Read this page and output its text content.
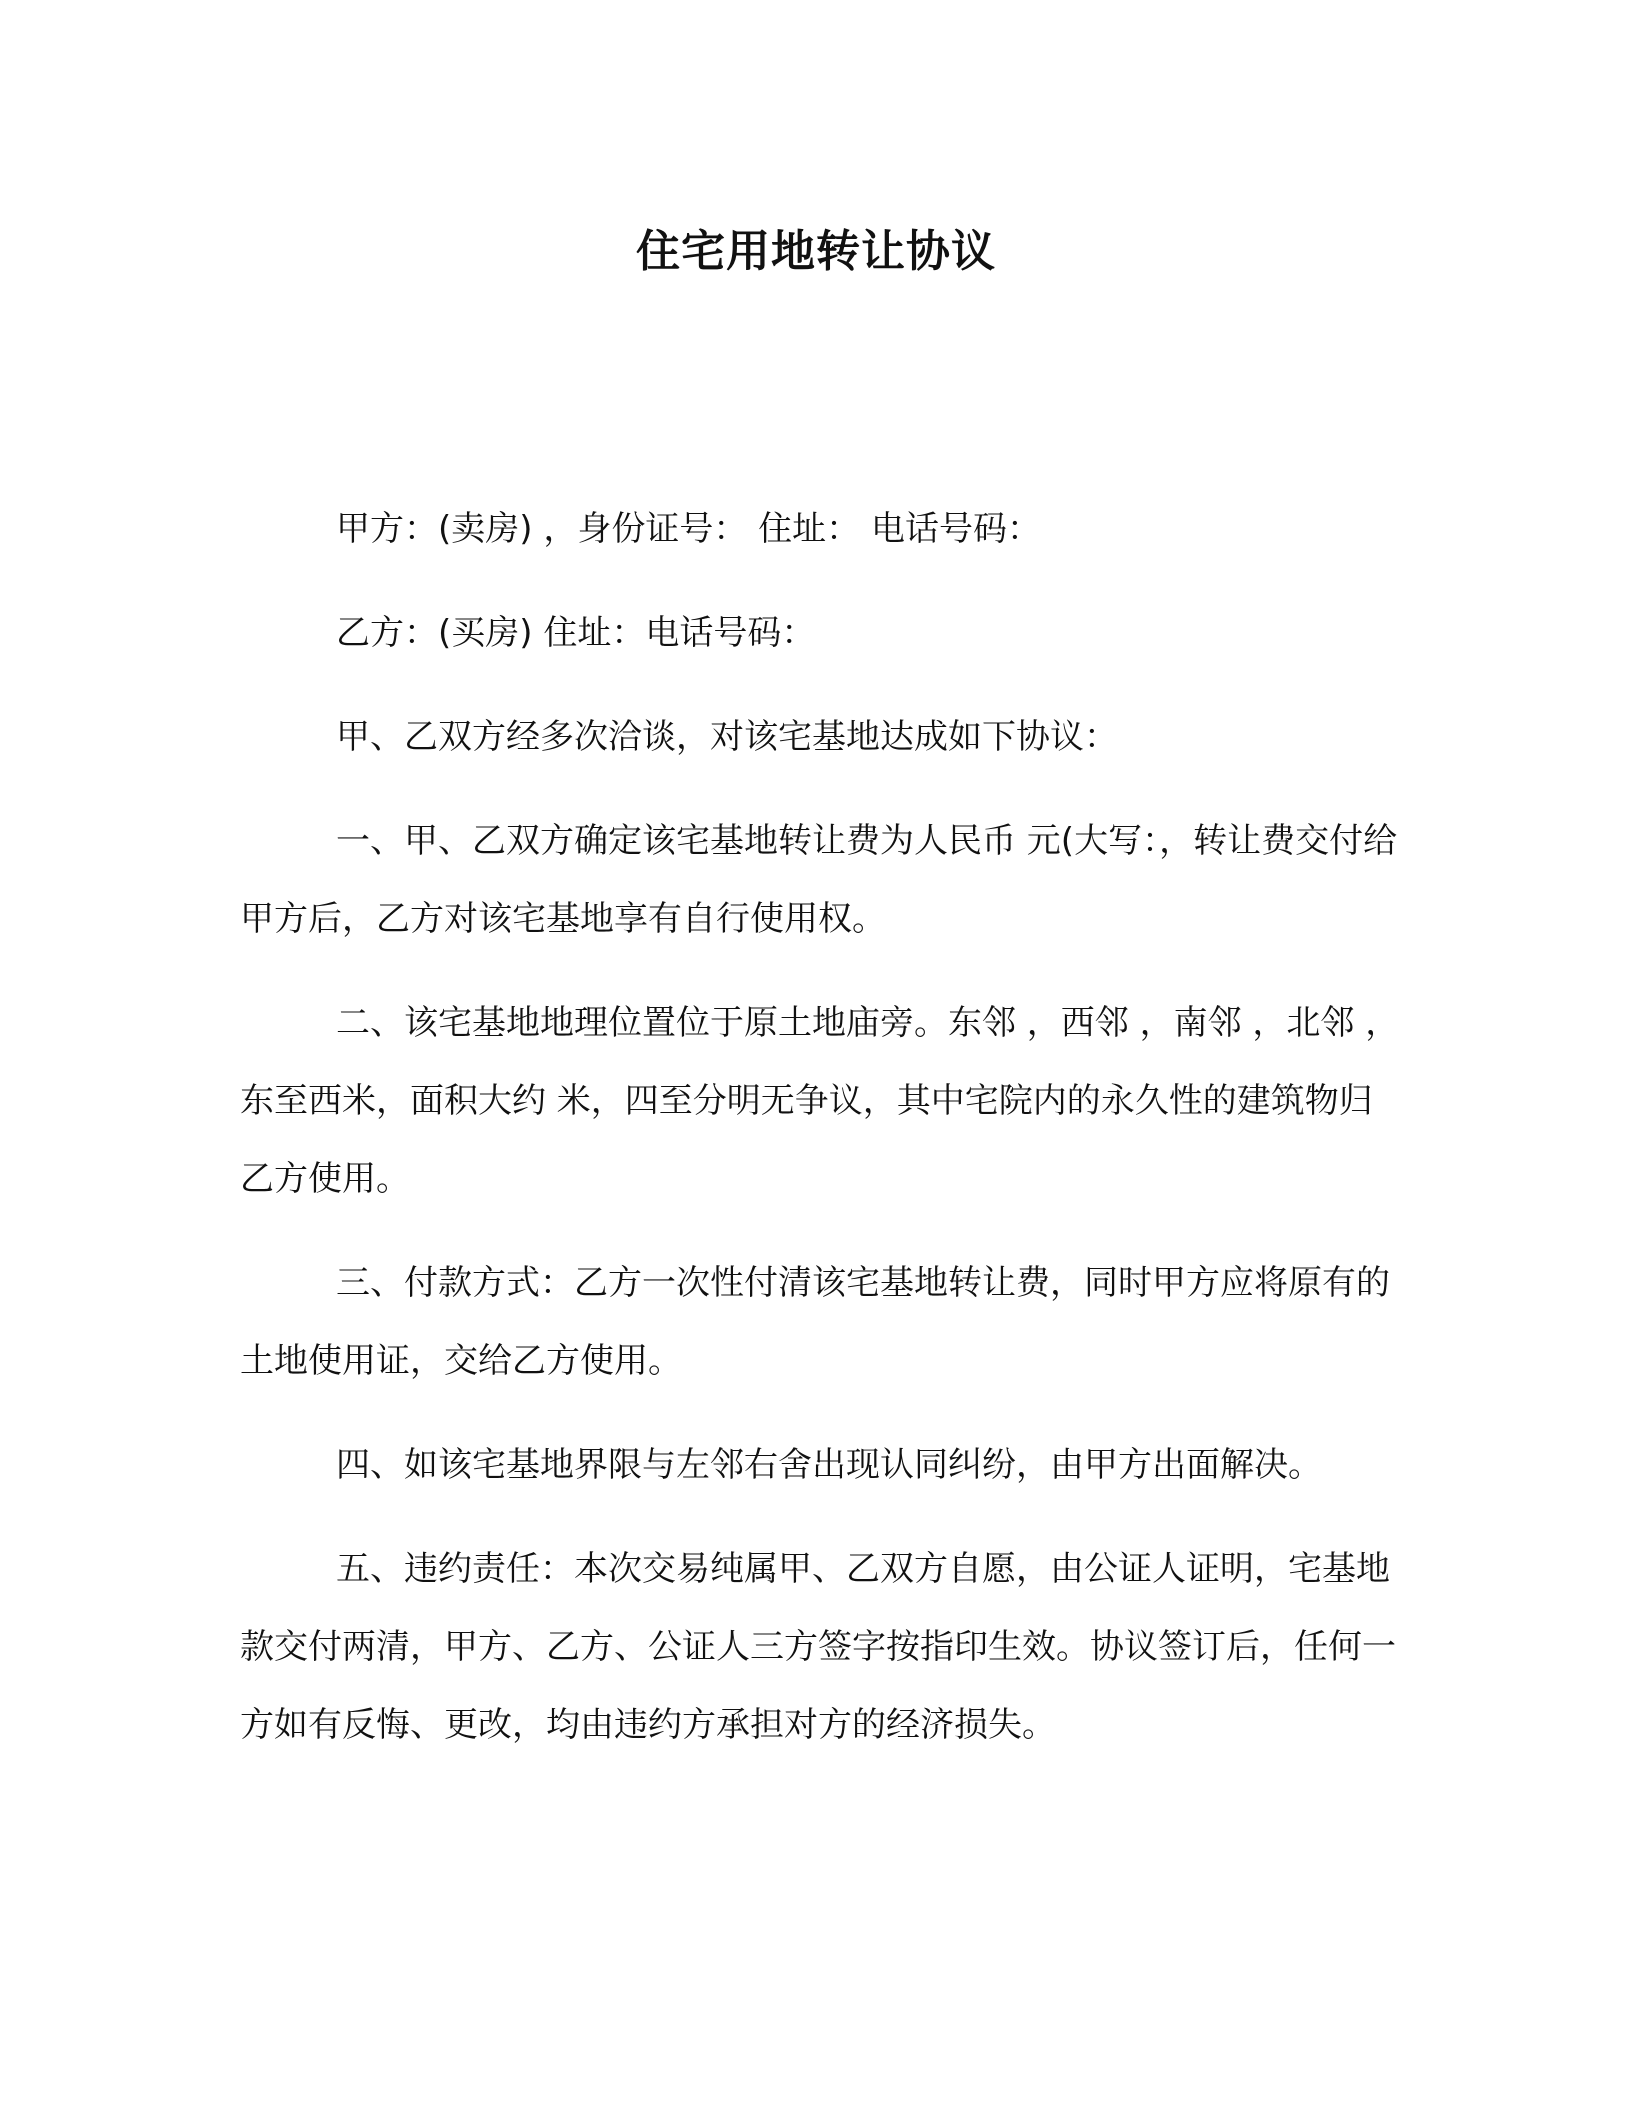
住宅用地转让协议

甲方：(卖房) ，身份证号： 住址： 电话号码：

乙方：(买房) 住址：电话号码：

甲、乙双方经多次洽谈，对该宅基地达成如下协议：

一、甲、乙双方确定该宅基地转让费为人民币 元(大写：，转让费交付给甲方后，乙方对该宅基地享有自行使用权。

二、该宅基地地理位置位于原土地庙旁。东邻 ，西邻 ，南邻 ，北邻 ，东至西米，面积大约 米，四至分明无争议，其中宅院内的永久性的建筑物归乙方使用。

三、付款方式：乙方一次性付清该宅基地转让费，同时甲方应将原有的土地使用证，交给乙方使用。

四、如该宅基地界限与左邻右舍出现认同纠纷，由甲方出面解决。

五、违约责任：本次交易纯属甲、乙双方自愿，由公证人证明，宅基地款交付两清，甲方、乙方、公证人三方签字按指印生效。协议签订后，任何一方如有反悔、更改，均由违约方承担对方的经济损失。
